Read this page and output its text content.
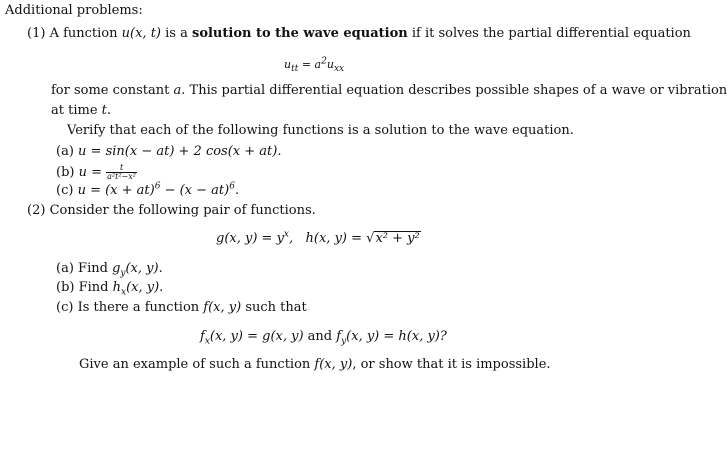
Additional problems:
(1) A function u(x, t) is a solution to the wave equation if it solves the partial differential equation
$u_{tt} = a^2u_{xx}$
for some constant a. This partial differential equation describes possible shapes of a wave or vibration
at time t.
Verify that each of the following functions is a solution to the wave equation.
(a) u = sin(x − at) + 2 cos(x + at).
(b) $u = \frac{t}{\text{a²t²−x²}}$
(c) u = (x + at)$^6$ − (x − at)$^6$.
(2) Consider the following pair of functions.
g(x, $y) = y^x$,   h(x, y) = √x² + y²
(a) Find $g_y(x$, y).
(b) Find $h_x(x$, y).
(c) Is there a function f(x, y) such that
$f_x(x$, y) = g(x, y) and $f_y(x$, y) = h(x, y)?
Give an example of such a function f(x, y), or show that it is impossible.
